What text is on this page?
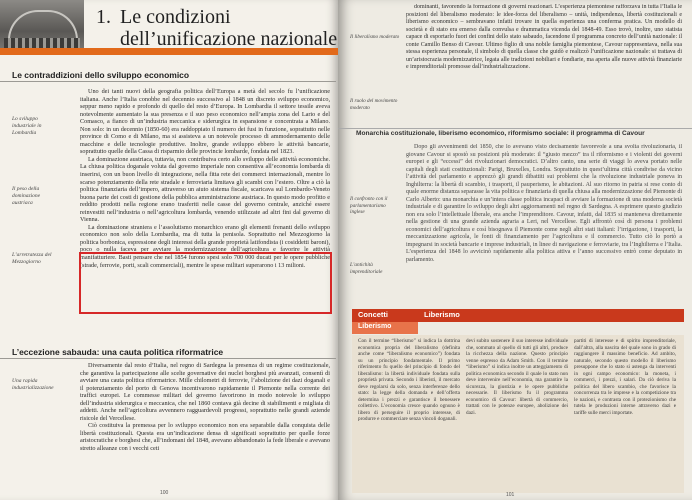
1. Le condizioni
dell’unificazione nazionale
Le contraddizioni dello sviluppo economico
Lo sviluppo industriale in Lombardia
Il peso della dominazione austriaca
L’arretratezza del Mezzogiorno

Uno dei tanti nuovi della geografia politica dell’Europa a metà del secolo fu l’unificazione italiana. Anche l’Italia conobbe nel decennio successivo al 1848 un discreto sviluppo economico, seppur meno rapido e profondo di quello del resto d’Europa. In Lombardia il settore tessile aveva notevolmente aumentato la sua presenza e il suo peso economico nell’ampia zona del Lario e del Comasco, a fianco di un’industria meccanica e siderurgica in espansione e concentrata a Milano. Non solo: in un decennio (1850-60) era raddoppiato il numero dei fusi in funzione, soprattutto nelle province di Como e di Milano, ma si assisteva a un notevole processo di ammodernamento delle macchine e delle tecnologie produttive. Inoltre, grande sviluppo ebbero le attività bancarie, soprattutto quelle della Cassa di risparmio delle provincie lombarde, fondata nel 1823.

La dominazione austriaca, tuttavia, non contribuiva certo allo sviluppo delle attività economiche. La chiusa politica doganale voluta dal governo imperiale non consentiva all’economia lombarda di inserirsi, con un buon livello di integrazione, nella fitta rete dei commerci internazionali, mentre lo scarso potenziamento della rete stradale e ferroviaria limitava gli scambi con l’estero. Oltre a ciò la politica finanziaria dell’impero, attraverso un aiuto sistema fiscale, scaricava sul Lombardo-Veneto buona parte dei costi di gestione della pubblica amministrazione austriaca. In questo modo profitto e reddito prodotti nella regione erano trasferiti nelle casse del governo centrale, anziché essere reinvestiti nell’industria o nell’agricoltura lombarda, venendo utilizzate ad altri fini dal governo di Vienna.

La dominazione straniera e l’assolutismo monarchico erano gli elementi frenanti dello sviluppo economico non solo della Lombardia, ma di tutta la penisola. Soprattutto nel Mezzogiorno la politica borbonica, espressione degli interessi della grande proprietà latifondista (i cosiddetti baroni), poco o nulla faceva per avviare la modernizzazione dell’agricoltura e favorire le attività manifatturiere. Basti pensare che nel 1854 furono spesi solo 700 000 ducati per le opere pubbliche (strade, ferrovie, porti, scali commerciali), mentre le spese militari superarono i 13 milioni.

L’eccezione sabauda: una cauta politica riformatrice
Una rapida industrializzazione

Diversamente dal resto d’Italia, nel regno di Sardegna la presenza di un regime costituzionale, che garantiva la partecipazione alle scelte governative dei nuclei borghesi più avanzati, consentì di avviare una cauta politica riformatrice. Mille chilometri di ferrovie, l’abolizione dei dazi doganali e il potenziamento del porto di Genova incentivarono rapidamente il Piemonte nella corrente dei traffici europei. Le commesse militari del governo favorirono in modo notevole lo sviluppo dell’industria siderurgica e meccanica, che nel 1860 contava già decine di stabilimenti e migliaia di addetti. Anche nell’agricoltura avvennero ragguardevoli progressi, soprattutto nelle grandi aziende risicole del Vercellese.

Ciò costituiva la premessa per lo sviluppo economico non era separabile dalla conquista delle libertà costituzionali. Questa era un’indicazione densa di significati soprattutto per quelle forze aristocratiche e borghesi che, all’indomani del 1848, avevano abbandonato la fede liberale e avevano stretto alleanze con i vecchi ceti

100
Il liberalismo moderato
Il ruolo del movimento moderato
Il confronto con il parlamentarismo inglese
L’antichità imprenditoriale

dominanti, favorendo la formazione di governi reazionari. L’esperienza piemontese rafforzava in tutta l’Italia le posizioni del liberalismo moderato: le idee-forza del liberalismo – unità, indipendenza, libertà costituzionali e liberismo economico – sembravano infatti trovare in quella esperienza una conferma pratica. Un modello di società e di stato era emerso dalla convulsa e drammatica vicenda del 1848-49. Esso trovò, inoltre, uno statista capace di esportarlo fuori dei confini dello stato sabaudo, facendone il programma concreto dell’unità nazionale: il conte Camillo Benso di Cavour. Ultimo figlio di una nobile famiglia piemontese, Cavour rappresentava, nella sua stessa esperienza personale, il simbolo di quella classe che guidò e realizzò l’unificazione nazionale: si trattava di un’aristocrazia modernizzatrice, legata alle tradizioni nobiliari e fondiarie, ma aperta alle nuove attività finanziarie e imprenditoriali promosse dall’industrializzazione.

Monarchia costituzionale, liberismo economico, riformismo sociale: il programma di Cavour

Dopo gli avvenimenti del 1850, che lo avevano visto decisamente favorevole a una svolta rivoluzionaria, il giovane Cavour si spostò su posizioni più moderate: il “giusto mezzo” tra il riformismo e i violenti dei governi europei e gli “eccessi” dei rivoluzionari democratici. D’altro canto, una serie di viaggi lo aveva portato nelle capitali degli stati costituzionali: Parigi, Bruxelles, Londra. Soprattutto in quest’ultima città condivise da vicino l’attività del parlamento e apprezzò gli grandi dibattiti sui problemi che la rivoluzione industriale poneva in Inghilterra: la libertà di scambio, i trasporti, il pauperismo, le abitazioni. Al suo ritorno in patria si rese conto di quale enorme distanza separasse la vita politica e finanziaria di quella chiusa alla modernizzazione del Piemonte di Carlo Alberto: una monarchia e un’intera classe politica incapaci di avviare la formazione di una moderna società industriale e di garantire lo sviluppo degli altri aggiornamenti nel regno di Sardegna. A esprimere questo giudizio non era solo l’intellettuale liberale, era anche l’imprenditore. Cavour, infatti, dal 1835 si manteneva direttamente nella gestione di una grande azienda agraria a Leri, nel Vercellese. Egli affrontò così di persona i problemi economici dell’agricoltura e così bisognava il Piemonte come negli altri stati italiani: l’irrigazione, i trasporti, la meccanizzazione agricola, le fonti di finanziamento per l’agricoltura e il commercio. Tutto ciò lo portò a impegnarsi in società bancarie e imprese industriali, in linee di navigazione e ferroviarie, tra l’Inghilterra e l’Italia. L’esperienza del 1848 lo avvicinò rapidamente alla politica attiva e l’anno successivo entrò come deputato in parlamento.

Concetti	Liberismo
Liberismo
Con il termine “liberismo” si indica la dottrina economica propria del liberalismo (definita anche come “liberalismo economico”) fondata su un principio fondamentale. Il primo riferimento fu quello del principio di fondo del liberalismo: la libertà individuale fondata sulla proprietà privata. Secondo i liberisti, il mercato deve regolarsi da solo, senza interferenze dello stato: la legge della domanda e dell’offerta determina i prezzi e garantisce il benessere collettivo. L’economia cresce quando ognuno è libero di perseguire il proprio interesse, di produrre e commerciare senza vincoli doganali.
devi subito sostenere il suo interesse individuale che, sommato al quello di tutti gli altri, produce la ricchezza della nazione. Questo principio venne espresso da Adam Smith. Con il termine “liberismo” si indica inoltre un atteggiamento di politica economica secondo il quale lo stato non deve intervenire nell’economia, ma garantire la sicurezza, la giustizia e le opere pubbliche necessarie. Il liberismo fu il programma economico di Cavour: libertà di commercio, trattati con le potenze europee, abolizione dei dazi.
partiti di interesse e di spirito imprenditoriale, dall’altra, alla nascita del quale sono in grado di raggiungere il massimo beneficio. Ad ambito, naturale, secondo questo modello il liberismo presuppone che lo stato si astenga da interventi in ogni campo economico: la moneta, i commerci, i prezzi, i salari. Da ciò deriva la politica del libero scambio, che favorisce la concorrenza tra le imprese e la competizione tra le nazioni, e contrasta con il protezionismo che tutela le produzioni interne attraverso dazi e tariffe sulle merci importate.
101
